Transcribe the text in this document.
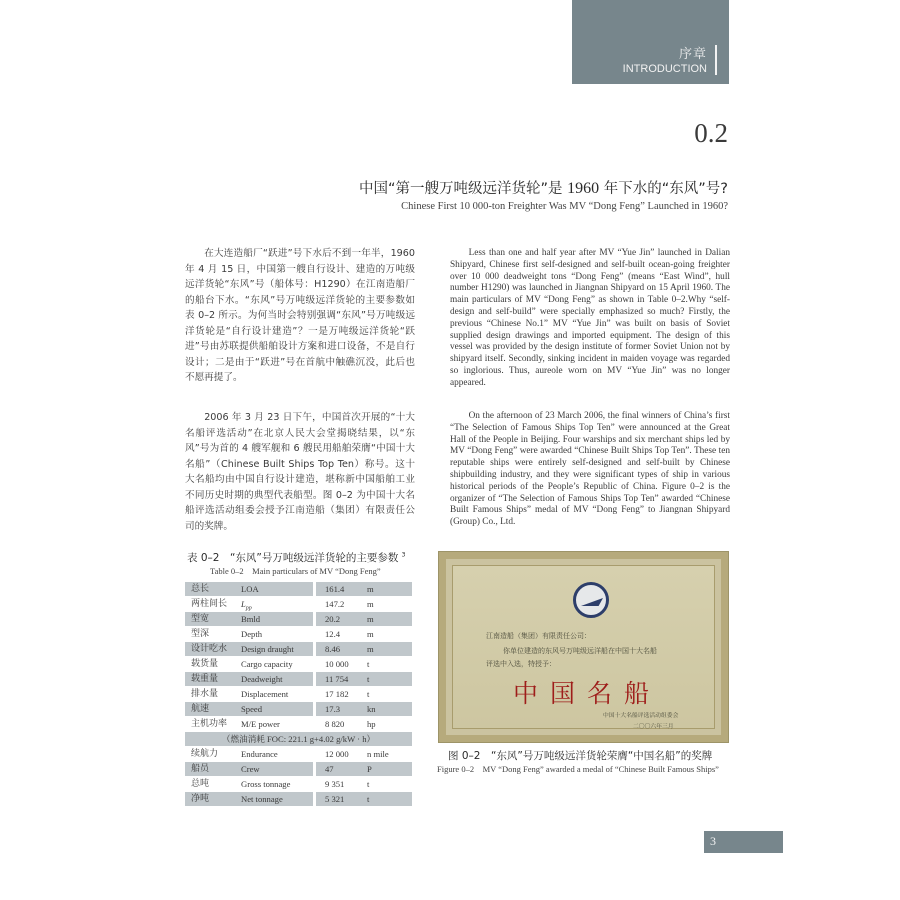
序章
INTRODUCTION
0.2
中国“第一艘万吨级远洋货轮”是 1960 年下水的“东风”号?
Chinese First 10 000-ton Freighter Was MV “Dong Feng” Launched in 1960?
在大连造船厂“跃进”号下水后不到一年半，1960 年 4 月 15 日，中国第一艘自行设计、建造的万吨级远洋货轮“东风”号（船体号：H1290）在江南造船厂的船台下水。“东风”号万吨级远洋货轮的主要参数如表 0–2 所示。为何当时会特别强调“东风”号万吨级远洋货轮是“自行设计建造”？一是万吨级远洋货轮“跃进”号由苏联提供船舶设计方案和进口设备，不是自行设计；二是由于“跃进”号在首航中触礁沉没，此后也不愿再提了。
Less than one and half year after MV “Yue Jin” launched in Dalian Shipyard, Chinese first self-designed and self-built ocean-going freighter over 10 000 deadweight tons “Dong Feng” (means “East Wind”, hull number H1290) was launched in Jiangnan Shipyard on 15 April 1960. The main particulars of MV “Dong Feng” as shown in Table 0–2.Why “self-design and self-build” were specially emphasized so much? Firstly, the previous “Chinese No.1” MV “Yue Jin” was built on basis of Soviet supplied design drawings and imported equipment. The design of this vessel was provided by the design institute of former Soviet Union not by shipyard itself. Secondly, sinking incident in maiden voyage was regarded so inglorious. Thus, aureole worn on MV “Yue Jin” was no longer appeared.
2006 年 3 月 23 日下午，中国首次开展的“十大名船评选活动”在北京人民大会堂揭晓结果，以“东风”号为首的 4 艘军舰和 6 艘民用船舶荣膺“中国十大名船”（Chinese Built Ships Top Ten）称号。这十大名船均由中国自行设计建造，堪称新中国船舶工业不同历史时期的典型代表船型。图 0–2 为中国十大名船评选活动组委会授予江南造船（集团）有限责任公司的奖牌。
On the afternoon of 23 March 2006, the final winners of China’s first “The Selection of Famous Ships Top Ten” were announced at the Great Hall of the People in Beijing. Four warships and six merchant ships led by MV “Dong Feng” were awarded “Chinese Built Ships Top Ten”. These ten reputable ships were entirely self-designed and self-built by Chinese shipbuilding industry, and they were significant types of ship in various historical periods of the People’s Republic of China. Figure 0–2 is the organizer of “The Selection of Famous Ships Top Ten” awarded “Chinese Built Famous Ships” medal of MV “Dong Feng” to Jiangnan Shipyard (Group) Co., Ltd.
表 0–2　“东风”号万吨级远洋货轮的主要参数 $^3$
Table 0–2　Main particulars of MV “Dong Feng”
总长	LOA	161.4	m
两柱间长 $L_{pp}$	147.2	m
型宽	Bmld	20.2	m
型深	Depth	12.4	m
设计吃水 Design draught	8.46	m
载货量	Cargo capacity	10 000 t
载重量	Deadweight	11 754 t
排水量	Displacement	17 182 t
航速	Speed	17.3	kn
主机功率 M/E power	8 820	hp
（燃油消耗 FOC: 221.1 g+4.02 g/kW · h）
续航力	Endurance	12 000 n mile
船员	Crew	47	P
总吨	Gross tonnage	9 351	t
净吨	Net tonnage	5 321	t
江南造船（集团）有限责任公司：
你单位建造的东风号万吨级远洋船在中国十大名船
评选中入选，特授予：
中国名船
中国十大名船评选活动组委会
二〇〇六年三月
图 0–2　“东风”号万吨级远洋货轮荣膺“中国名船”的奖牌
Figure 0–2　MV “Dong Feng” awarded a medal of “Chinese Built Famous Ships”
3
